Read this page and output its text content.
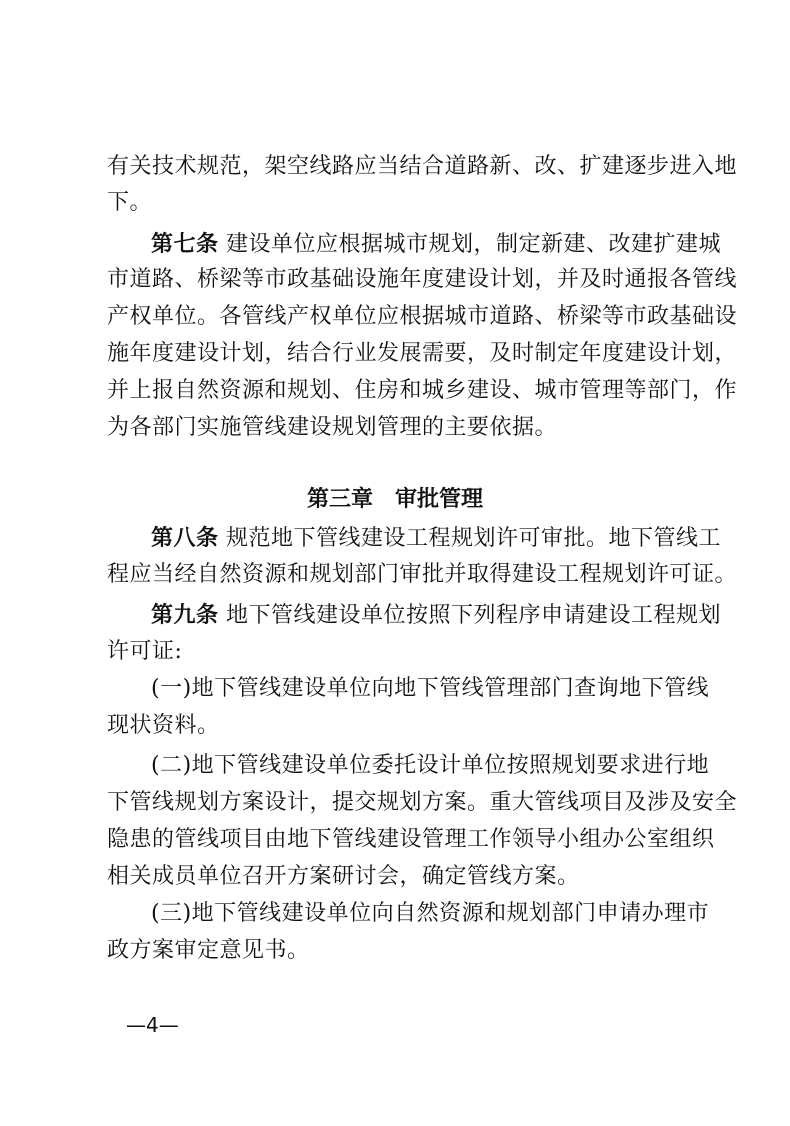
有关技术规范，架空线路应当结合道路新、改、扩建逐步进入地
下。
第七条 建设单位应根据城市规划，制定新建、改建扩建城
市道路、桥梁等市政基础设施年度建设计划，并及时通报各管线
产权单位。各管线产权单位应根据城市道路、桥梁等市政基础设
施年度建设计划，结合行业发展需要，及时制定年度建设计划，
并上报自然资源和规划、住房和城乡建设、城市管理等部门，作
为各部门实施管线建设规划管理的主要依据。
第三章　审批管理
第八条 规范地下管线建设工程规划许可审批。地下管线工
程应当经自然资源和规划部门审批并取得建设工程规划许可证。
第九条 地下管线建设单位按照下列程序申请建设工程规划
许可证:
(一)地下管线建设单位向地下管线管理部门查询地下管线
现状资料。
(二)地下管线建设单位委托设计单位按照规划要求进行地
下管线规划方案设计，提交规划方案。重大管线项目及涉及安全
隐患的管线项目由地下管线建设管理工作领导小组办公室组织
相关成员单位召开方案研讨会，确定管线方案。
(三)地下管线建设单位向自然资源和规划部门申请办理市
政方案审定意见书。
—4—
